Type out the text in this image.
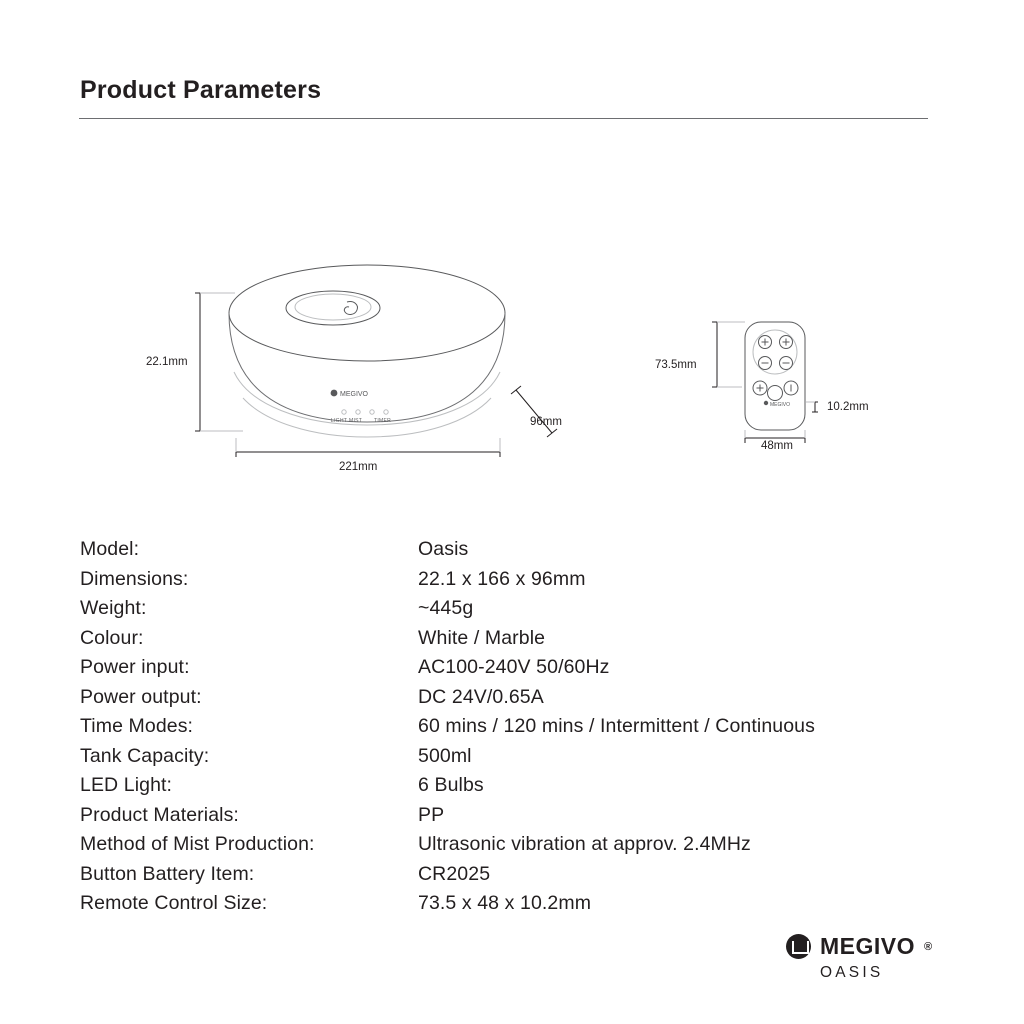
Product Parameters
MEGIVO
MEGIVO
LIGHT MIST TIMER
22.1mm
221mm
96mm
73.5mm
48mm
10.2mm
Model:	Oasis
Dimensions:	22.1 x 166 x 96mm
Weight:	~445g
Colour:	White / Marble
Power input:	AC100-240V 50/60Hz
Power output:	DC 24V/0.65A
Time Modes:	60 mins / 120 mins / Intermittent / Continuous
Tank Capacity:	500ml
LED Light:	6 Bulbs
Product Materials:	PP
Method of Mist Production:	Ultrasonic vibration at approv. 2.4MHz
Button Battery Item:	CR2025
Remote Control Size:	73.5 x 48 x 10.2mm
MEGIVO ®
OASIS
